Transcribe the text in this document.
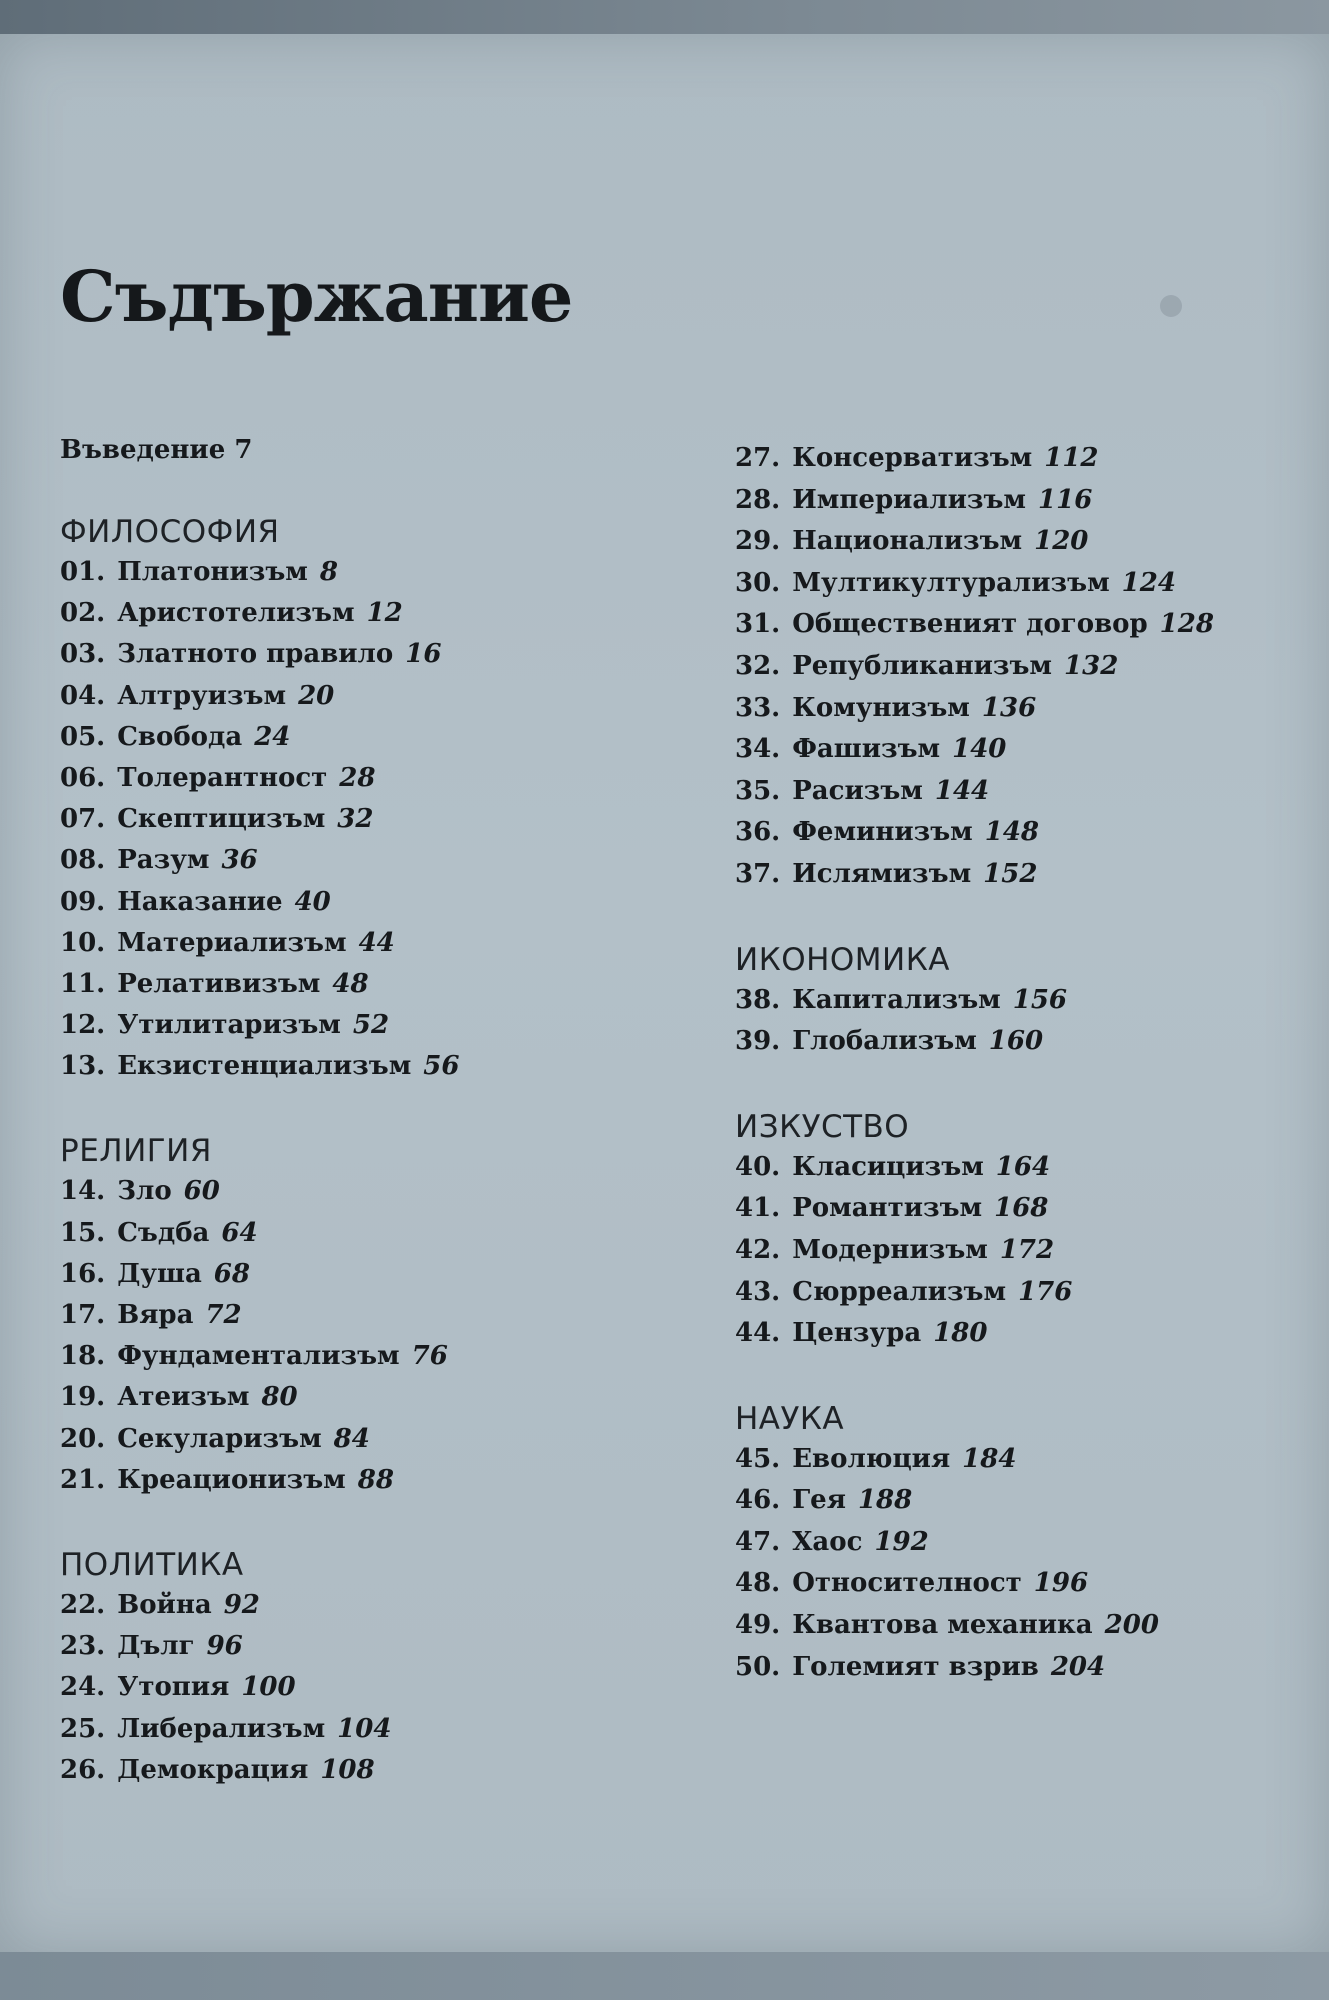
Съдържание
Въведение 7
ФИЛОСОФИЯ
01. Платонизъм 8
02. Аристотелизъм 12
03. Златното правило 16
04. Алтруизъм 20
05. Свобода 24
06. Толерантност 28
07. Скептицизъм 32
08. Разум 36
09. Наказание 40
10. Материализъм 44
11. Релативизъм 48
12. Утилитаризъм 52
13. Екзистенциализъм 56
РЕЛИГИЯ
14. Зло 60
15. Съдба 64
16. Душа 68
17. Вяра 72
18. Фундаментализъм 76
19. Атеизъм 80
20. Секуларизъм 84
21. Креационизъм 88
ПОЛИТИКА
22. Война 92
23. Дълг 96
24. Утопия 100
25. Либерализъм 104
26. Демокрация 108
27. Консерватизъм 112
28. Империализъм 116
29. Национализъм 120
30. Мултикултурализъм 124
31. Общественият договор 128
32. Републиканизъм 132
33. Комунизъм 136
34. Фашизъм 140
35. Расизъм 144
36. Феминизъм 148
37. Ислямизъм 152
ИКОНОМИКА
38. Капитализъм 156
39. Глобализъм 160
ИЗКУСТВО
40. Класицизъм 164
41. Романтизъм 168
42. Модернизъм 172
43. Сюрреализъм 176
44. Цензура 180
НАУКА
45. Еволюция 184
46. Гея 188
47. Хаос 192
48. Относителност 196
49. Квантова механика 200
50. Големият взрив 204
